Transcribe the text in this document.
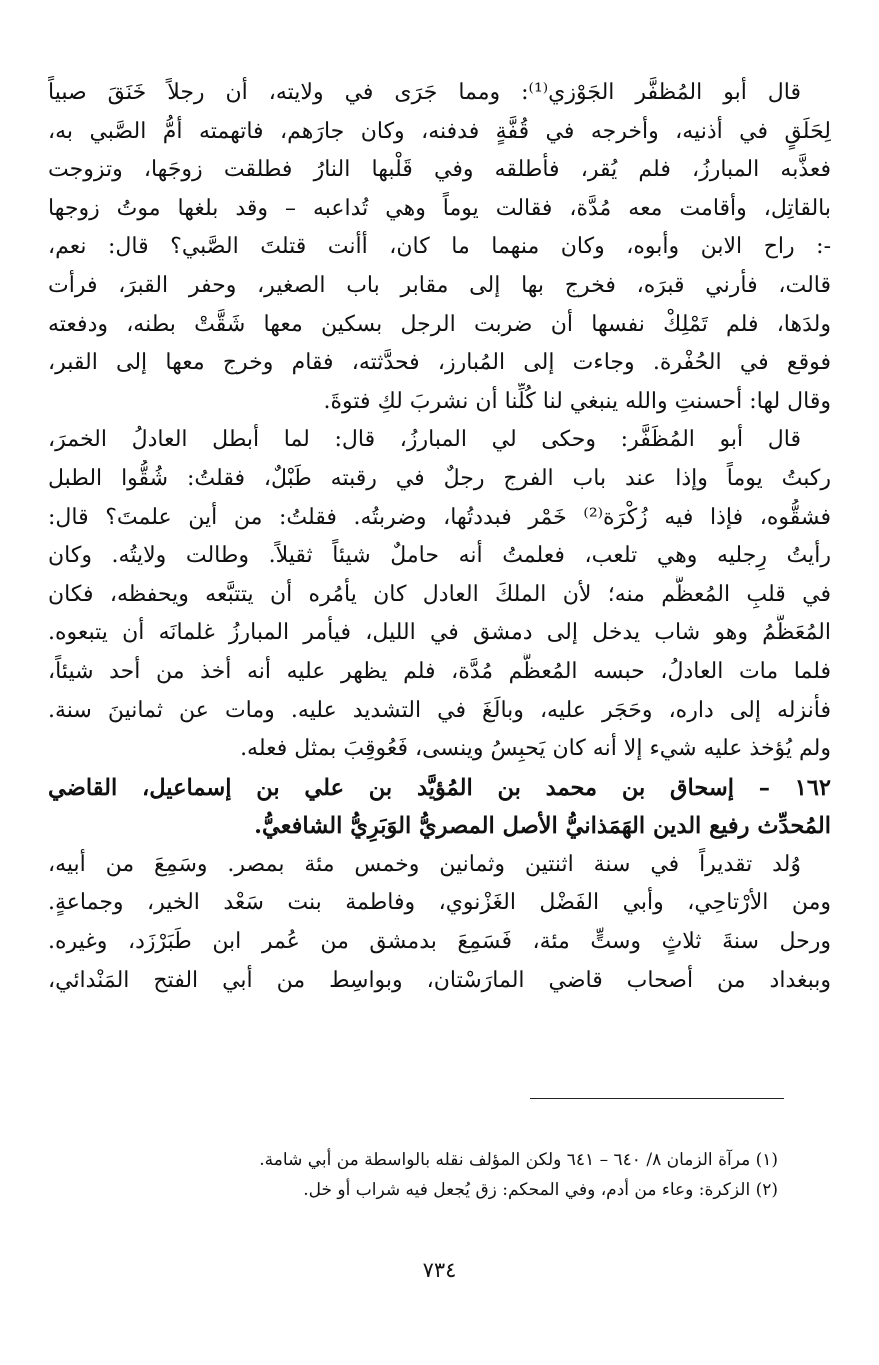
قال أبو المُظفَّر الجَوْزي⁽¹⁾: ومما جَرَى في ولايته، أن رجلاً خَنَقَ صبياً
لِحَلَقٍ في أذنيه، وأخرجه في قُفَّةٍ فدفنه، وكان جارَهم، فاتهمته أمُّ الصَّبي به،
فعذَّبه المبارزُ، فلم يُقر، فأطلقه وفي قَلْبها النارُ فطلقت زوجَها، وتزوجت
بالقاتِل، وأقامت معه مُدَّة، فقالت يوماً وهي تُداعبه – وقد بلغها موتُ زوجها
-: راح الابن وأبوه، وكان منهما ما كان، أأنت قتلتَ الصَّبي؟ قال: نعم،
قالت، فأرني قبرَه، فخرج بها إلى مقابر باب الصغير، وحفر القبرَ، فرأت
ولدَها، فلم تَمْلِكْ نفسها أن ضربت الرجل بسكين معها شَقَّتْ بطنه، ودفعته
فوقع في الحُفْرة. وجاءت إلى المُبارز، فحدَّثته، فقام وخرج معها إلى القبر،
وقال لها: أحسنتِ والله ينبغي لنا كُلِّنا أن نشربَ لكِ فتوةَ.
قال أبو المُظَفَّر: وحكى لي المبارزُ، قال: لما أبطل العادلُ الخمرَ،
ركبتُ يوماً وإذا عند باب الفرج رجلٌ في رقبته طَبْلٌ، فقلتُ: شُقُّوا الطبل
فشقُّوه، فإذا فيه زُكْرَة⁽²⁾ خَمْر فبددتُها، وضربتُه. فقلتُ: من أين علمتَ؟ قال:
رأيتُ رِجليه وهي تلعب، فعلمتُ أنه حاملٌ شيئاً ثقيلاً. وطالت ولايتُه. وكان
في قلبِ المُعظَّم منه؛ لأن الملكَ العادل كان يأمُره أن يتتبَّعه ويحفظه، فكان
المُعَظَّمُ وهو شاب يدخل إلى دمشق في الليل، فيأمر المبارزُ غلمانَه أن يتبعوه.
فلما مات العادلُ، حبسه المُعظَّم مُدَّة، فلم يظهر عليه أنه أخذ من أحد شيئاً،
فأنزله إلى داره، وحَجَر عليه، وبالَغَ في التشديد عليه. ومات عن ثمانينَ سنة.
ولم يُؤخذ عليه شيء إلا أنه كان يَحبِسُ وينسى، فَعُوقِبَ بمثل فعله.
١٦٢ – إسحاق بن محمد بن المُؤيَّد بن علي بن إسماعيل، القاضي
المُحدِّث رفيع الدين الهَمَذانيُّ الأصل المصريُّ الوَبَرِيُّ الشافعيُّ.
وُلد تقديراً في سنة اثنتين وثمانين وخمس مئة بمصر. وسَمِعَ من أبيه،
ومن الأرْتاحِي، وأبي الفَضْل الغَزْنوي، وفاطمة بنت سَعْد الخير، وجماعةٍ.
ورحل سنةَ ثلاثٍ وستٍّ مئة، فَسَمِعَ بدمشق من عُمر ابن طَبَرْزَد، وغيره.
وببغداد من أصحاب قاضي المارَسْتان، وبواسِط من أبي الفتح المَنْدائي،
(١) مرآة الزمان ٨/ ٦٤٠ – ٦٤١ ولكن المؤلف نقله بالواسطة من أبي شامة.
(٢) الزكرة: وعاء من أدم، وفي المحكم: زق يُجعل فيه شراب أو خل.
٧٣٤
